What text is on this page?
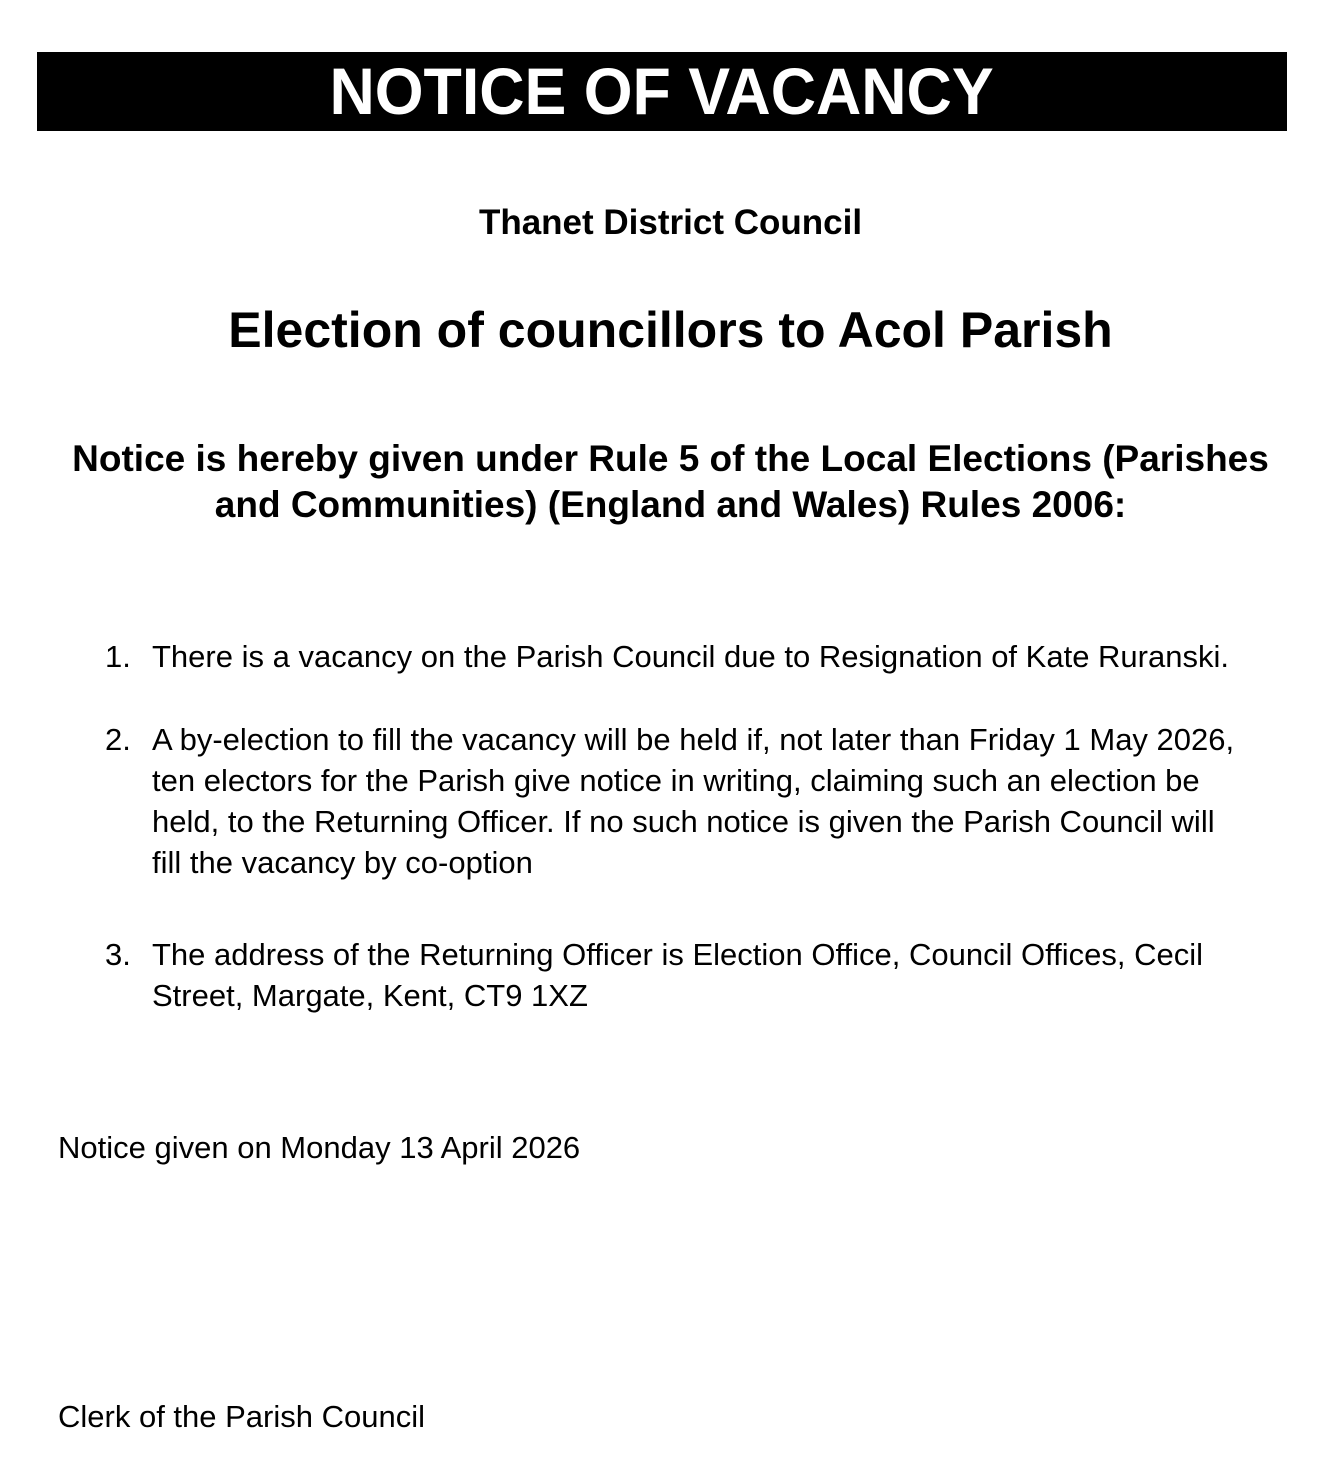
NOTICE OF VACANCY
Thanet District Council
Election of councillors to Acol Parish
Notice is hereby given under Rule 5 of the Local Elections (Parishes
and Communities) (England and Wales) Rules 2006:
1. There is a vacancy on the Parish Council due to Resignation of Kate Ruranski.
2. A by-election to fill the vacancy will be held if, not later than Friday 1 May 2026,
ten electors for the Parish give notice in writing, claiming such an election be
held, to the Returning Officer. If no such notice is given the Parish Council will
fill the vacancy by co-option
3. The address of the Returning Officer is Election Office, Council Offices, Cecil
Street, Margate, Kent, CT9 1XZ
Notice given on Monday 13 April 2026
Clerk of the Parish Council
